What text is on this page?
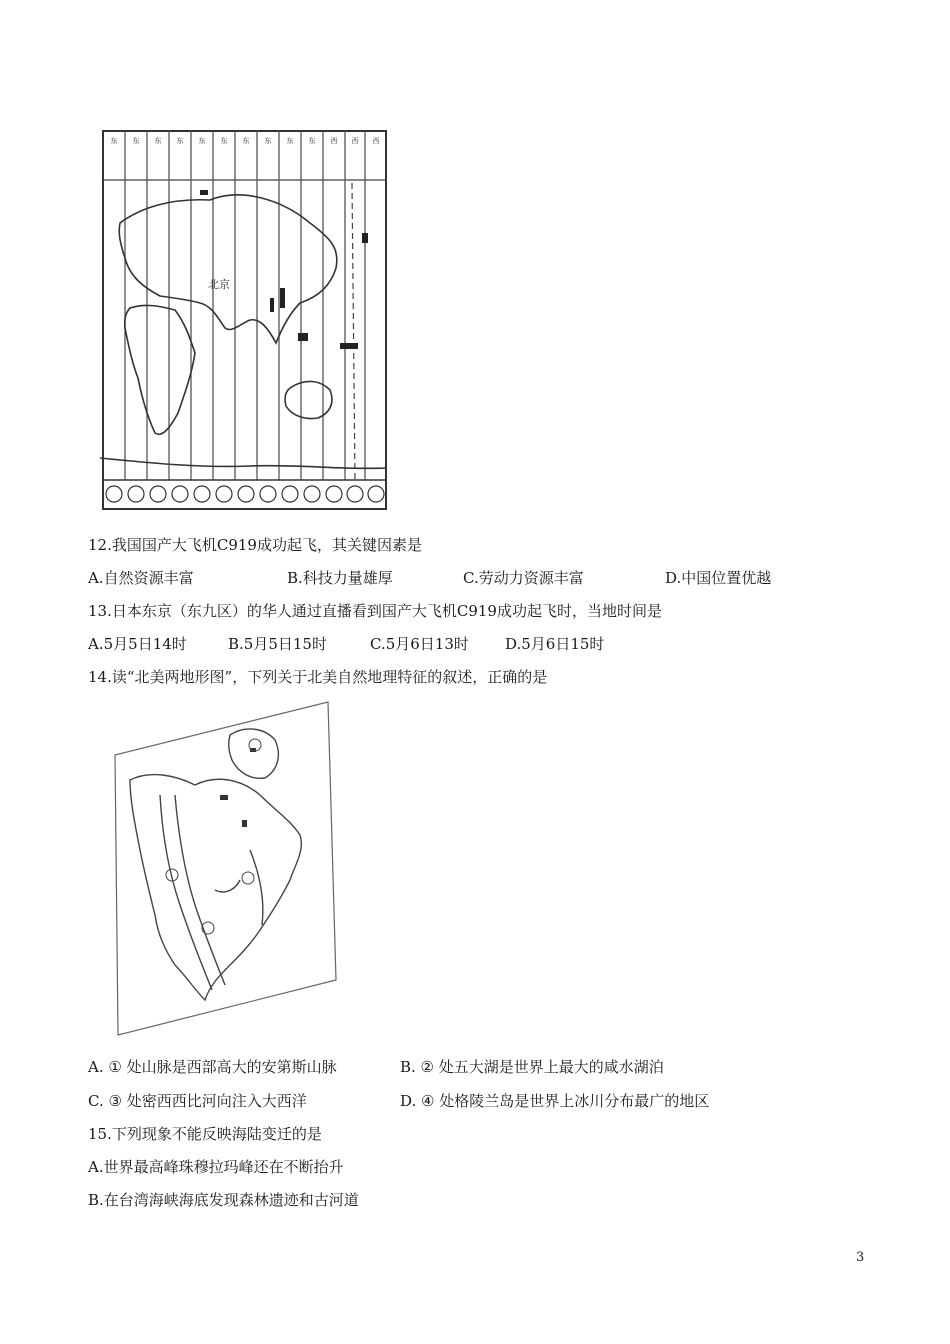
东 东 东 东 东 东 东 东 东 东 西 西 西
北京
12.我国国产大飞机C919成功起飞，其关键因素是
A.自然资源丰富	B.科技力量雄厚	C.劳动力资源丰富	D.中国位置优越
13.日本东京（东九区）的华人通过直播看到国产大飞机C919成功起飞时，当地时间是
A.5月5日14时	B.5月5日15时	C.5月6日13时 D.5月6日15时
14.读“北美两地形图”，下列关于北美自然地理特征的叙述，正确的是
A. ① 处山脉是西部高大的安第斯山脉	B. ② 处五大湖是世界上最大的咸水湖泊
C. ③ 处密西西比河向注入大西洋	D. ④ 处格陵兰岛是世界上冰川分布最广的地区
15.下列现象不能反映海陆变迁的是
A.世界最高峰珠穆拉玛峰还在不断抬升
B.在台湾海峡海底发现森林遗迹和古河道
3
